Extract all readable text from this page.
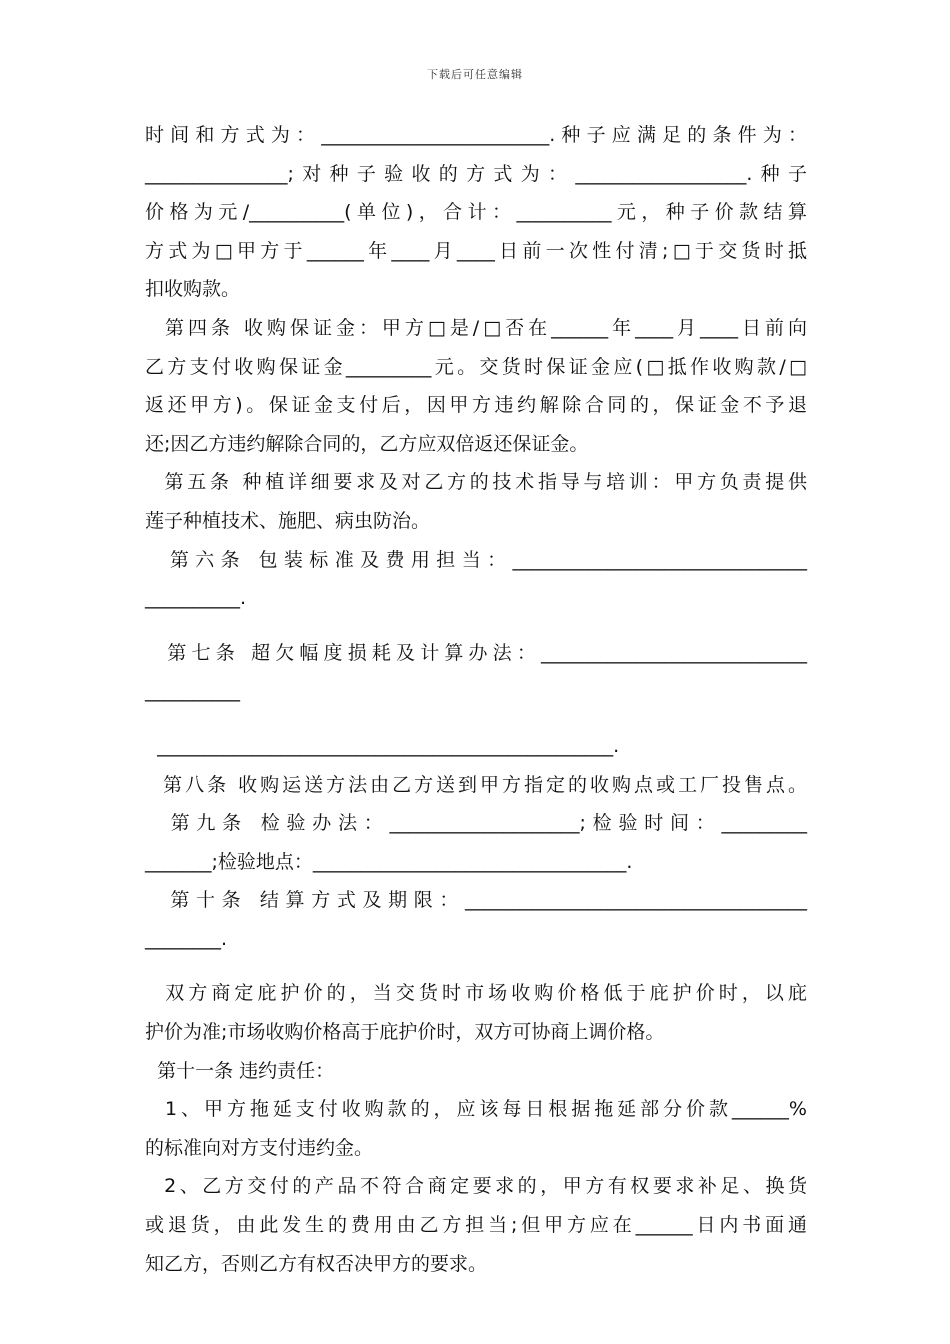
下载后可任意编辑
时间和方式为：________________________.种子应满足的条件为：
_______________;对种子验收的方式为：__________________.种子
价格为元/__________(单位)，合计：__________元，种子价款结算
方式为□甲方于______年____月____日前一次性付清;□于交货时抵
扣收购款。
第四条 收购保证金：甲方□是/□否在______年____月____日前向
乙方支付收购保证金_________元。交货时保证金应(□抵作收购款/□
返还甲方)。保证金支付后，因甲方违约解除合同的，保证金不予退
还;因乙方违约解除合同的，乙方应双倍返还保证金。
第五条 种植详细要求及对乙方的技术指导与培训：甲方负责提供
莲子种植技术、施肥、病虫防治。
第六条 包装标准及费用担当：_______________________________
__________.
第七条 超欠幅度损耗及计算办法：____________________________
__________
________________________________________________.
第八条 收购运送方法由乙方送到甲方指定的收购点或工厂投售点。
第九条 检验办法：____________________;检验时间：_________
_______;检验地点：_________________________________.
第十条 结算方式及期限：____________________________________
________.
双方商定庇护价的，当交货时市场收购价格低于庇护价时，以庇
护价为准;市场收购价格高于庇护价时，双方可协商上调价格。
第十一条 违约责任：
1、甲方拖延支付收购款的，应该每日根据拖延部分价款______%
的标准向对方支付违约金。
2、乙方交付的产品不符合商定要求的，甲方有权要求补足、换货
或退货，由此发生的费用由乙方担当;但甲方应在______日内书面通
知乙方，否则乙方有权否决甲方的要求。
